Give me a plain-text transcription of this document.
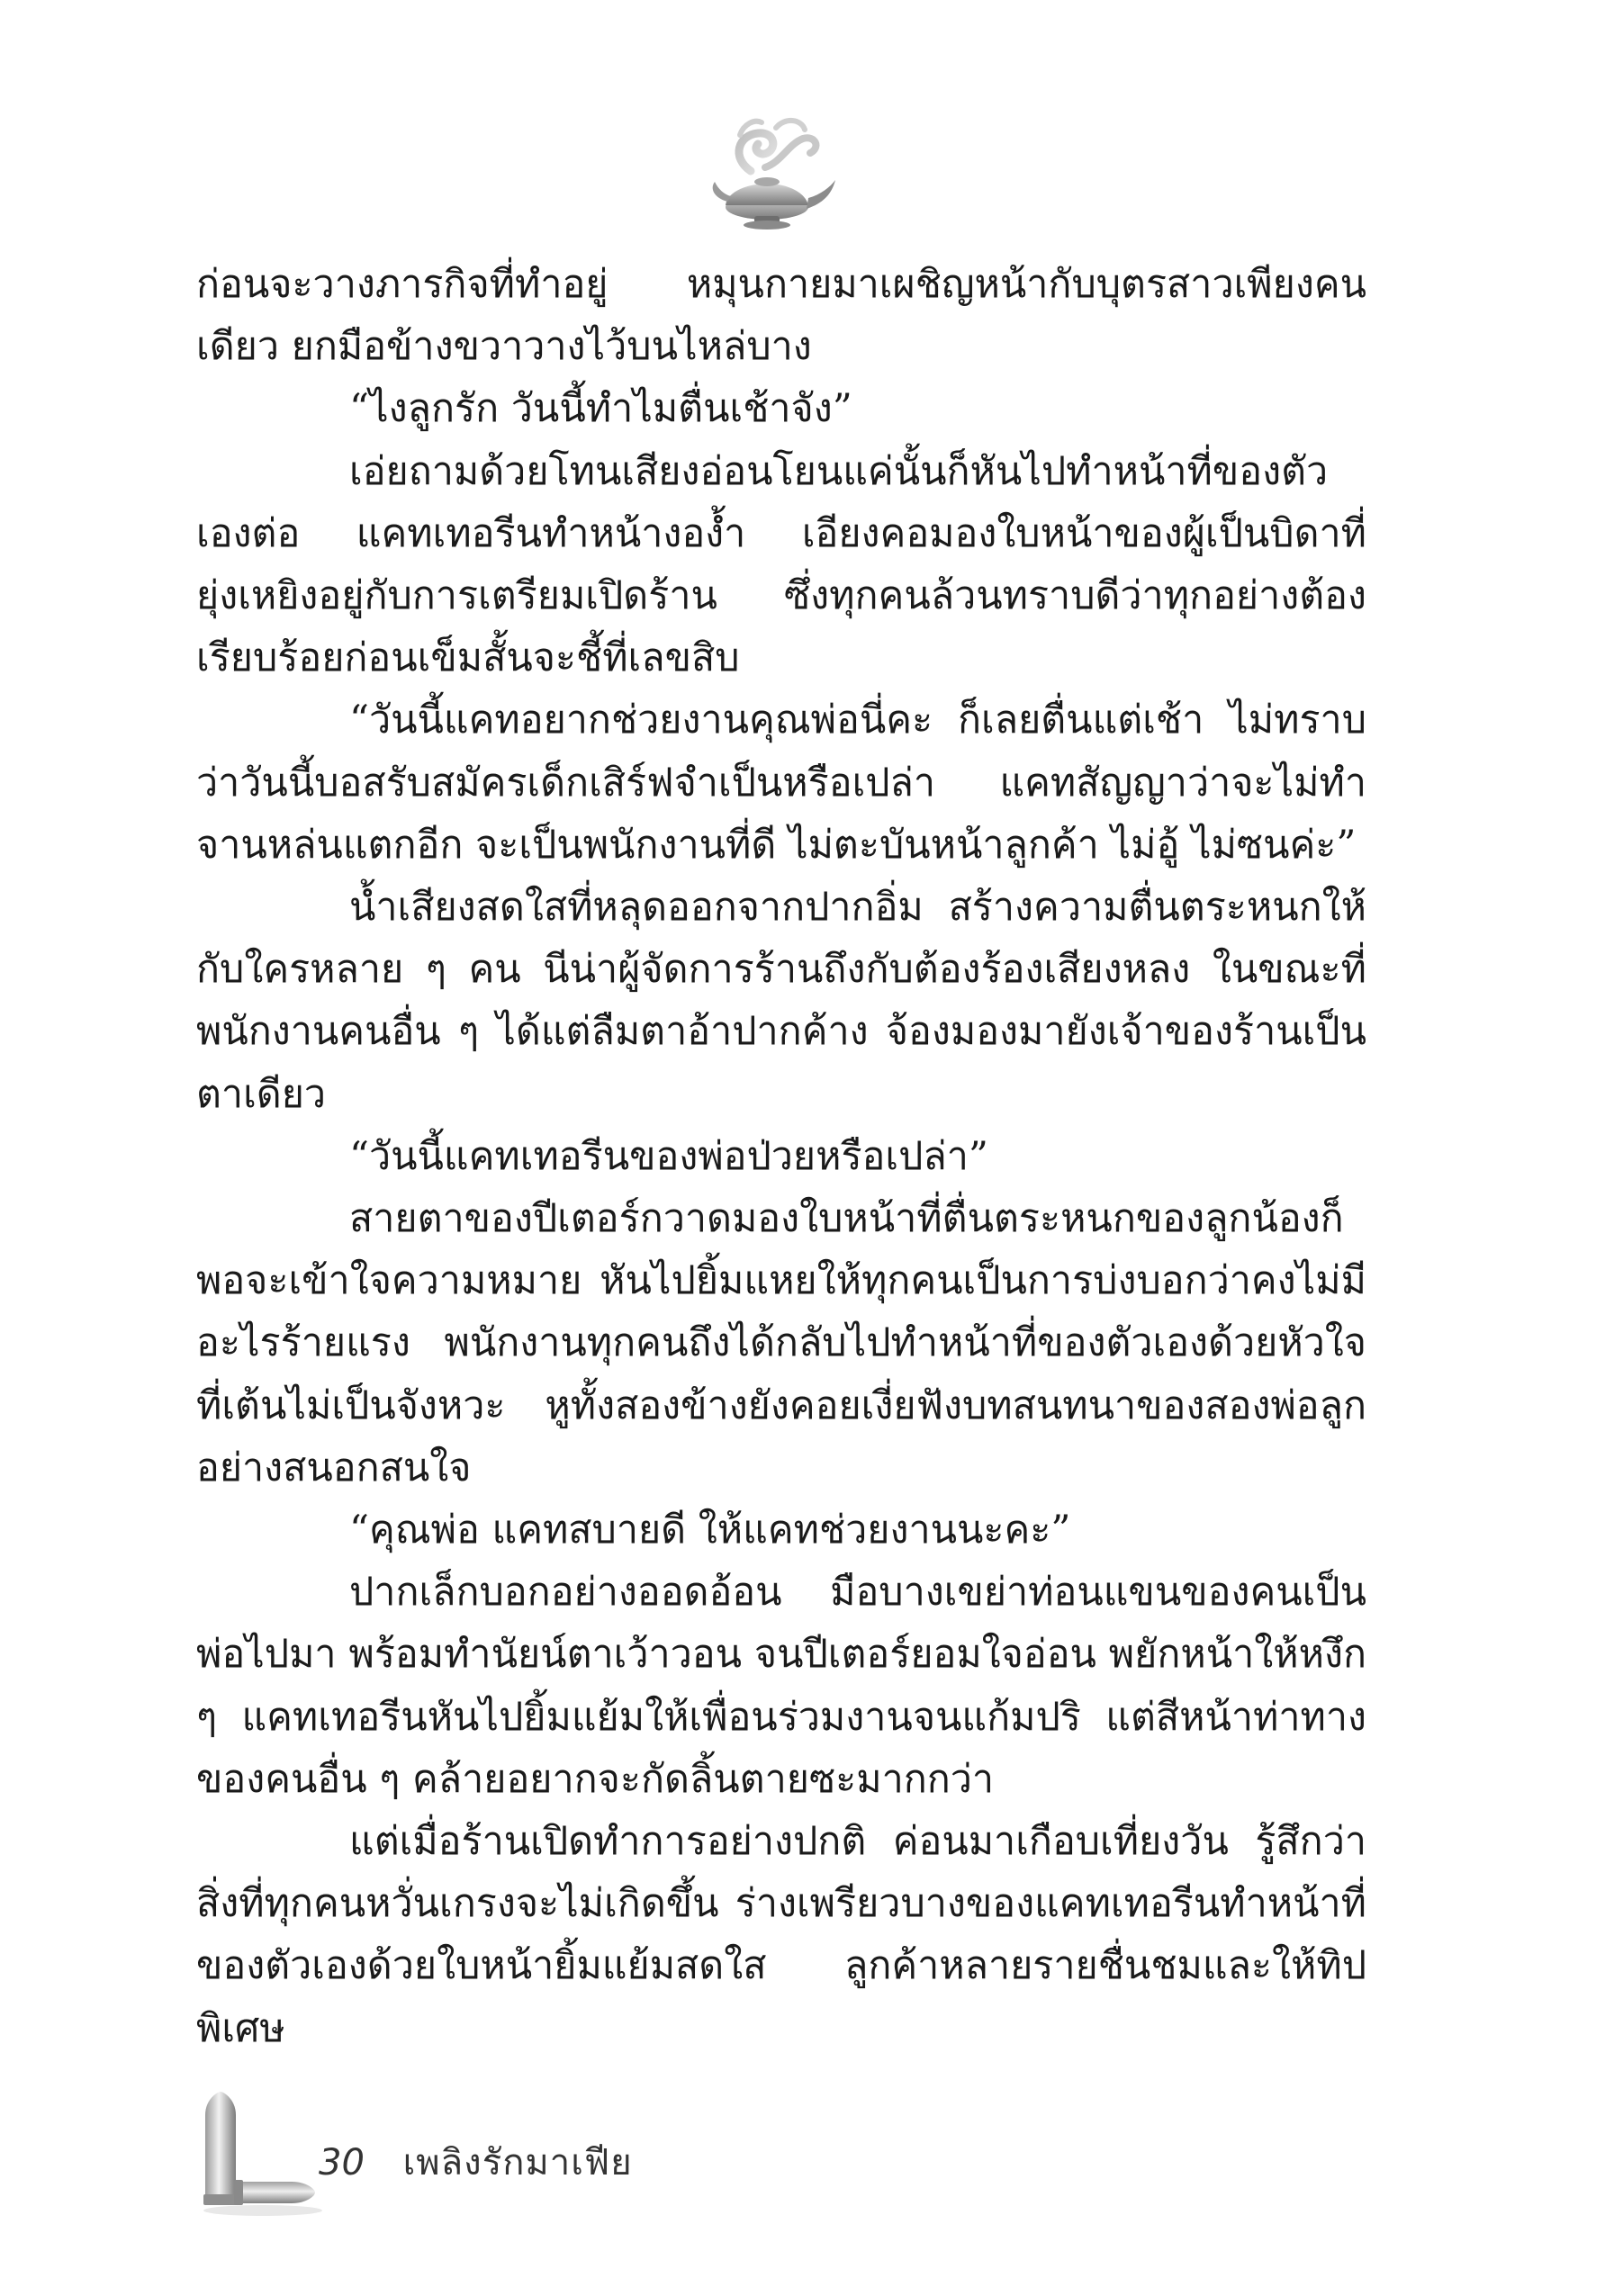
ก่อนจะวางภารกิจที่ทำอยู่ หมุนกายมาเผชิญหน้ากับบุตรสาวเพียงคนเดียว ยกมือข้างขวาวางไว้บนไหล่บาง

“ไงลูกรัก วันนี้ทำไมตื่นเช้าจัง”

เอ่ยถามด้วยโทนเสียงอ่อนโยนแค่นั้นก็หันไปทำหน้าที่ของตัวเองต่อ แคทเทอรีนทำหน้างอง้ำ เอียงคอมองใบหน้าของผู้เป็นบิดาที่ยุ่งเหยิงอยู่กับการเตรียมเปิดร้าน ซึ่งทุกคนล้วนทราบดีว่าทุกอย่างต้องเรียบร้อยก่อนเข็มสั้นจะชี้ที่เลขสิบ

“วันนี้แคทอยากช่วยงานคุณพ่อนี่คะ ก็เลยตื่นแต่เช้า ไม่ทราบว่าวันนี้บอสรับสมัครเด็กเสิร์ฟจำเป็นหรือเปล่า แคทสัญญาว่าจะไม่ทำจานหล่นแตกอีก จะเป็นพนักงานที่ดี ไม่ตะบันหน้าลูกค้า ไม่อู้ ไม่ซนค่ะ”

น้ำเสียงสดใสที่หลุดออกจากปากอิ่ม สร้างความตื่นตระหนกให้กับใครหลาย ๆ คน นีน่าผู้จัดการร้านถึงกับต้องร้องเสียงหลง ในขณะที่พนักงานคนอื่น ๆ ได้แต่ลืมตาอ้าปากค้าง จ้องมองมายังเจ้าของร้านเป็นตาเดียว

“วันนี้แคทเทอรีนของพ่อป่วยหรือเปล่า”

สายตาของปีเตอร์กวาดมองใบหน้าที่ตื่นตระหนกของลูกน้องก็พอจะเข้าใจความหมาย หันไปยิ้มแหยให้ทุกคนเป็นการบ่งบอกว่าคงไม่มีอะไรร้ายแรง พนักงานทุกคนถึงได้กลับไปทำหน้าที่ของตัวเองด้วยหัวใจที่เต้นไม่เป็นจังหวะ หูทั้งสองข้างยังคอยเงี่ยฟังบทสนทนาของสองพ่อลูกอย่างสนอกสนใจ

“คุณพ่อ แคทสบายดี ให้แคทช่วยงานนะคะ”

ปากเล็กบอกอย่างออดอ้อน มือบางเขย่าท่อนแขนของคนเป็นพ่อไปมา พร้อมทำนัยน์ตาเว้าวอน จนปีเตอร์ยอมใจอ่อน พยักหน้าให้หงึก ๆ แคทเทอรีนหันไปยิ้มแย้มให้เพื่อนร่วมงานจนแก้มปริ แต่สีหน้าท่าทางของคนอื่น ๆ คล้ายอยากจะกัดลิ้นตายซะมากกว่า

แต่เมื่อร้านเปิดทำการอย่างปกติ ค่อนมาเกือบเที่ยงวัน รู้สึกว่าสิ่งที่ทุกคนหวั่นเกรงจะไม่เกิดขึ้น ร่างเพรียวบางของแคทเทอรีนทำหน้าที่ของตัวเองด้วยใบหน้ายิ้มแย้มสดใส ลูกค้าหลายรายชื่นชมและให้ทิปพิเศษ

30 เพลิงรักมาเฟีย
